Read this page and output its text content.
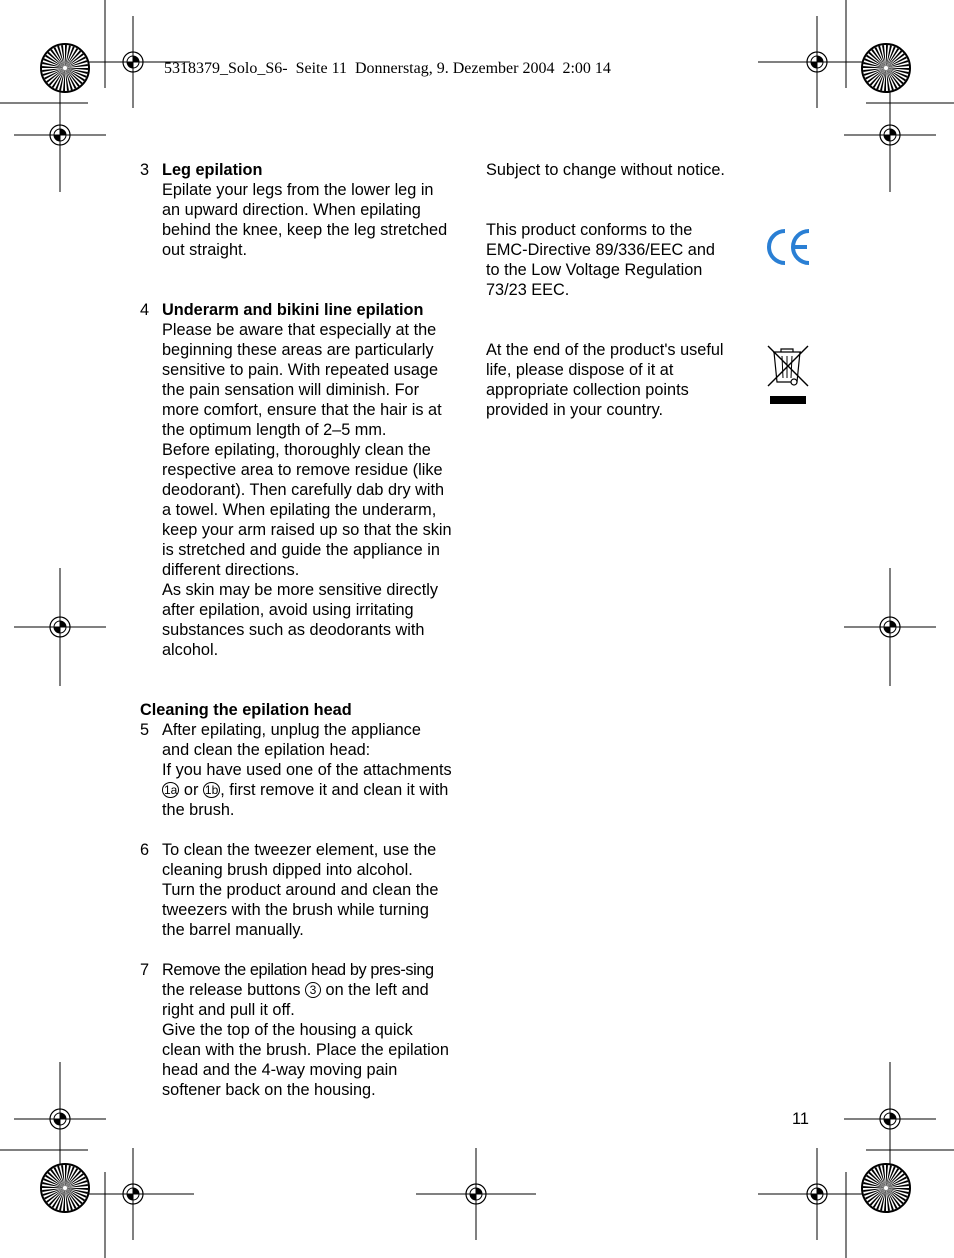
5318379_Solo_S6-  Seite 11  Donnerstag, 9. Dezember 2004  2:00 14
3 Leg epilation
Epilate your legs from the lower leg in
an upward direction. When epilating
behind the knee, keep the leg stretched
out straight.
4 Underarm and bikini line epilation
Please be aware that especially at the
beginning these areas are particularly
sensitive to pain. With repeated usage
the pain sensation will diminish. For
more comfort, ensure that the hair is at
the optimum length of 2–5 mm.
Before epilating, thoroughly clean the
respective area to remove residue (like
deodorant). Then carefully dab dry with
a towel. When epilating the underarm,
keep your arm raised up so that the skin
is stretched and guide the appliance in
different directions.
As skin may be more sensitive directly
after epilation, avoid using irritating
substances such as deodorants with
alcohol.
Cleaning the epilation head
5 After epilating, unplug the appliance
and clean the epilation head:
If you have used one of the attachments
1a or 1b , first remove it and clean it with
the brush.
6 To clean the tweezer element, use the
cleaning brush dipped into alcohol.
Turn the product around and clean the
tweezers with the brush while turning
the barrel manually.
7 Remove the epilation head by pres-sing
the release buttons 3 on the left and
right and pull it off.
Give the top of the housing a quick
clean with the brush. Place the epilation
head and the 4-way moving pain
softener back on the housing.
Subject to change without notice.
This product conforms to the
EMC-Directive 89/336/EEC and
to the Low Voltage Regulation
73/23 EEC.
At the end of the product's useful
life, please dispose of it at
appropriate collection points
provided in your country.
11
